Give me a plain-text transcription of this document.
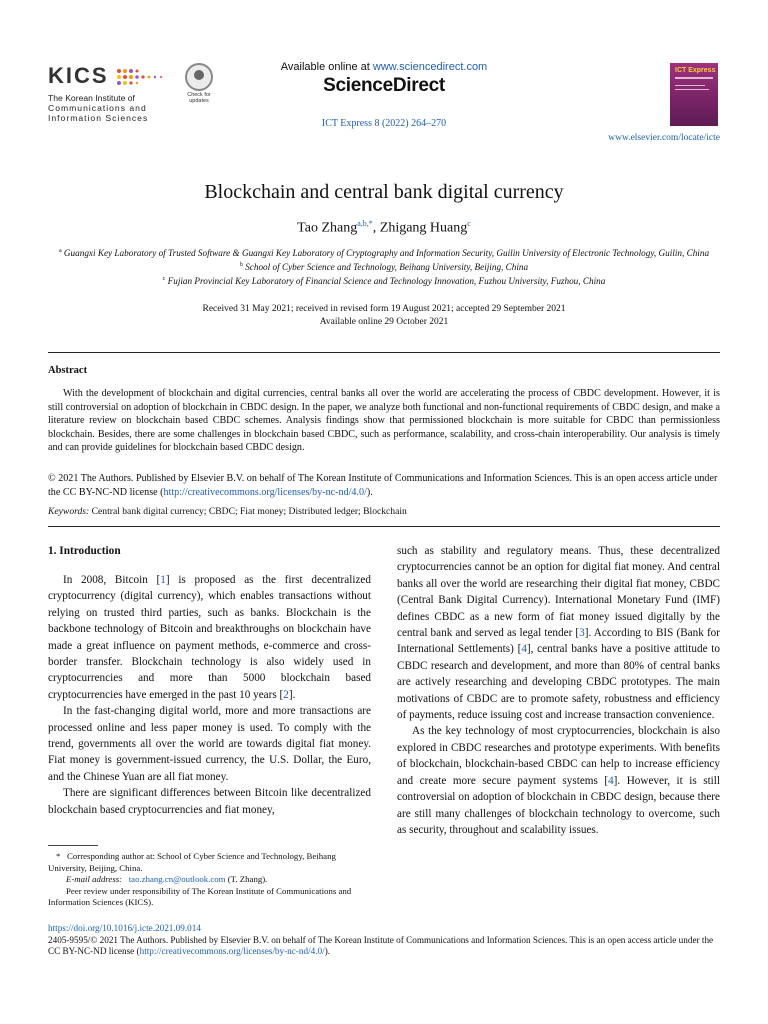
KICS
The Korean Institute of
Communications and
Information Sciences
Check for
updates
Available online at www.sciencedirect.com
ScienceDirect
ICT Express 8 (2022) 264–270
ICT Express
www.elsevier.com/locate/icte
Blockchain and central bank digital currency
Tao Zhang$^{a,b,*}$, Zhigang Huang$^c$
$^a$ Guangxi Key Laboratory of Trusted Software & Guangxi Key Laboratory of Cryptography and Information Security, Guilin University of Electronic Technology, Guilin, China
$^b$ School of Cyber Science and Technology, Beihang University, Beijing, China
$^c$ Fujian Provincial Key Laboratory of Financial Science and Technology Innovation, Fuzhou University, Fuzhou, China
Received 31 May 2021; received in revised form 19 August 2021; accepted 29 September 2021
Available online 29 October 2021
Abstract
With the development of blockchain and digital currencies, central banks all over the world are accelerating the process of CBDC development. However, it is still controversial on adoption of blockchain in CBDC design. In the paper, we analyze both functional and non-functional requirements of CBDC design, and make a literature review on blockchain based CBDC schemes. Analysis findings show that permissioned blockchain is more suitable for CBDC than permissionless blockchain. Besides, there are some challenges in blockchain based CBDC, such as performance, scalability, and cross-chain interoperability. Our analysis is timely and can provide guidelines for blockchain based CBDC design.
© 2021 The Authors. Published by Elsevier B.V. on behalf of The Korean Institute of Communications and Information Sciences. This is an open access article under the CC BY-NC-ND license (http://creativecommons.org/licenses/by-nc-nd/4.0/).
Keywords: Central bank digital currency; CBDC; Fiat money; Distributed ledger; Blockchain
1. Introduction

In 2008, Bitcoin [1] is proposed as the first decentralized cryptocurrency (digital currency), which enables transactions without relying on trusted third parties, such as banks. Blockchain is the backbone technology of Bitcoin and breakthroughs on blockchain have made a great influence on payment methods, e-commerce and cross-border transfer. Blockchain technology is also widely used in cryptocurrencies and more than 5000 blockchain based cryptocurrencies have emerged in the past 10 years [2].

In the fast-changing digital world, more and more transactions are processed online and less paper money is used. To comply with the trend, governments all over the world are towards digital fiat money. Fiat money is government-issued currency, the U.S. Dollar, the Euro, and the Chinese Yuan are all fiat money.

There are significant differences between Bitcoin like decentralized blockchain based cryptocurrencies and fiat money,

such as stability and regulatory means. Thus, these decentralized cryptocurrencies cannot be an option for digital fiat money. And central banks all over the world are researching their digital fiat money, CBDC (Central Bank Digital Currency). International Monetary Fund (IMF) defines CBDC as a new form of fiat money issued digitally by the central bank and served as legal tender [3]. According to BIS (Bank for International Settlements) [4], central banks have a positive attitude to CBDC research and development, and more than 80% of central banks are actively researching and developing CBDC prototypes. The main motivations of CBDC are to promote safety, robustness and efficiency of payments, reduce issuing cost and increase transaction convenience.

As the key technology of most cryptocurrencies, blockchain is also explored in CBDC researches and prototype experiments. With benefits of blockchain, blockchain-based CBDC can help to increase efficiency and create more secure payment systems [4]. However, it is still controversial on adoption of blockchain in CBDC design, because there are still many challenges of blockchain technology to overcome, such as security, throughout and scalability issues.

* Corresponding author at: School of Cyber Science and Technology, Beihang University, Beijing, China.

E-mail address: tao.zhang.cn@outlook.com (T. Zhang).

Peer review under responsibility of The Korean Institute of Communications and Information Sciences (KICS).

https://doi.org/10.1016/j.icte.2021.09.014

2405-9595/© 2021 The Authors. Published by Elsevier B.V. on behalf of The Korean Institute of Communications and Information Sciences. This is an open access article under the CC BY-NC-ND license (http://creativecommons.org/licenses/by-nc-nd/4.0/).
